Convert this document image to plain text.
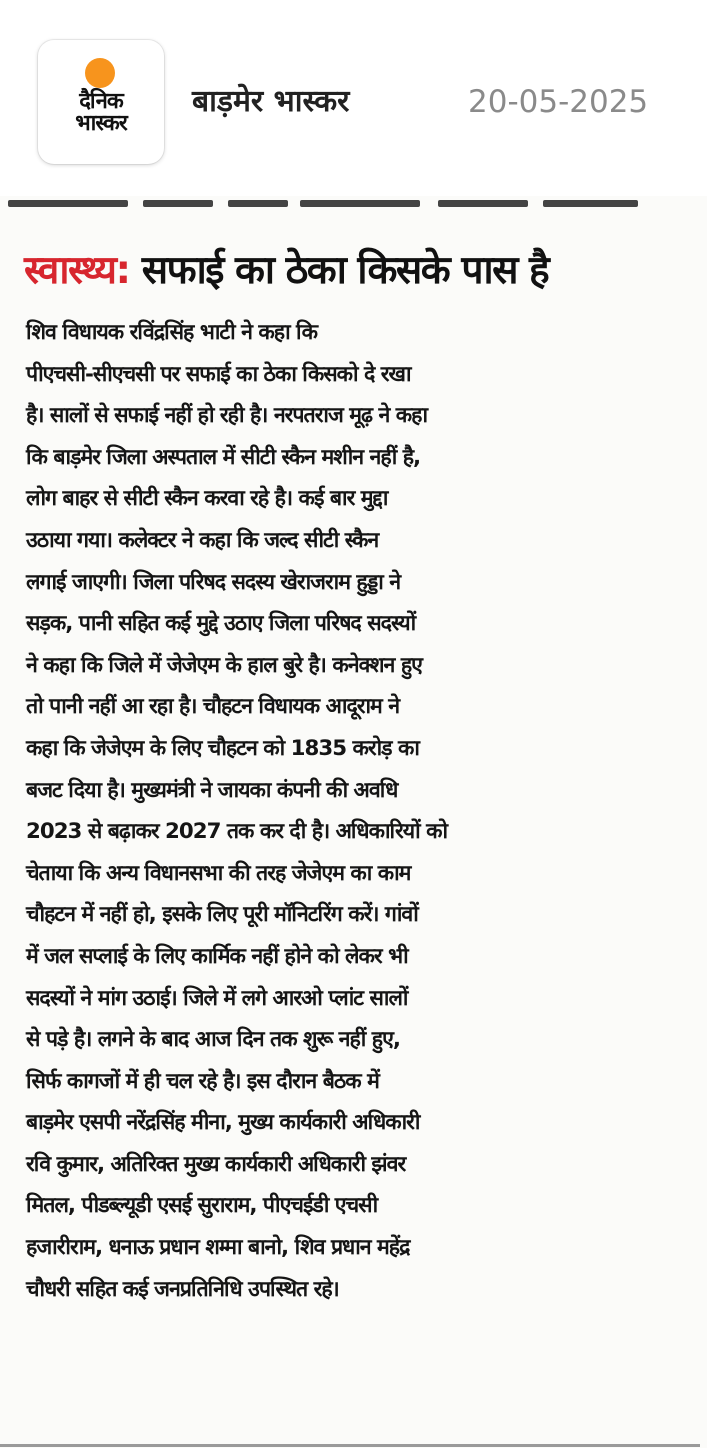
दैनिक
भास्कर
बाड़मेर भास्कर	20-05-2025
स्वास्थ्य: सफाई का ठेका किसके पास है
शिव विधायक रविंद्रसिंह भाटी ने कहा कि
पीएचसी-सीएचसी पर सफाई का ठेका किसको दे रखा
है। सालों से सफाई नहीं हो रही है। नरपतराज मूढ़ ने कहा
कि बाड़मेर जिला अस्पताल में सीटी स्कैन मशीन नहीं है,
लोग बाहर से सीटी स्कैन करवा रहे है। कई बार मुद्दा
उठाया गया। कलेक्टर ने कहा कि जल्द सीटी स्कैन
लगाई जाएगी। जिला परिषद सदस्य खेराजराम हुड्डा ने
सड़क, पानी सहित कई मुद्दे उठाए जिला परिषद सदस्यों
ने कहा कि जिले में जेजेएम के हाल बुरे है। कनेक्शन हुए
तो पानी नहीं आ रहा है। चौहटन विधायक आदूराम ने
कहा कि जेजेएम के लिए चौहटन को 1835 करोड़ का
बजट दिया है। मुख्यमंत्री ने जायका कंपनी की अवधि
2023 से बढ़ाकर 2027 तक कर दी है। अधिकारियों को
चेताया कि अन्य विधानसभा की तरह जेजेएम का काम
चौहटन में नहीं हो, इसके लिए पूरी मॉनिटरिंग करें। गांवों
में जल सप्लाई के लिए कार्मिक नहीं होने को लेकर भी
सदस्यों ने मांग उठाई। जिले में लगे आरओ प्लांट सालों
से पड़े है। लगने के बाद आज दिन तक शुरू नहीं हुए,
सिर्फ कागजों में ही चल रहे है। इस दौरान बैठक में
बाड़मेर एसपी नरेंद्रसिंह मीना, मुख्य कार्यकारी अधिकारी
रवि कुमार, अतिरिक्त मुख्य कार्यकारी अधिकारी झंवर
मितल, पीडब्ल्यूडी एसई सुराराम, पीएचईडी एचसी
हजारीराम, धनाऊ प्रधान शम्मा बानो, शिव प्रधान महेंद्र
चौधरी सहित कई जनप्रतिनिधि उपस्थित रहे।
